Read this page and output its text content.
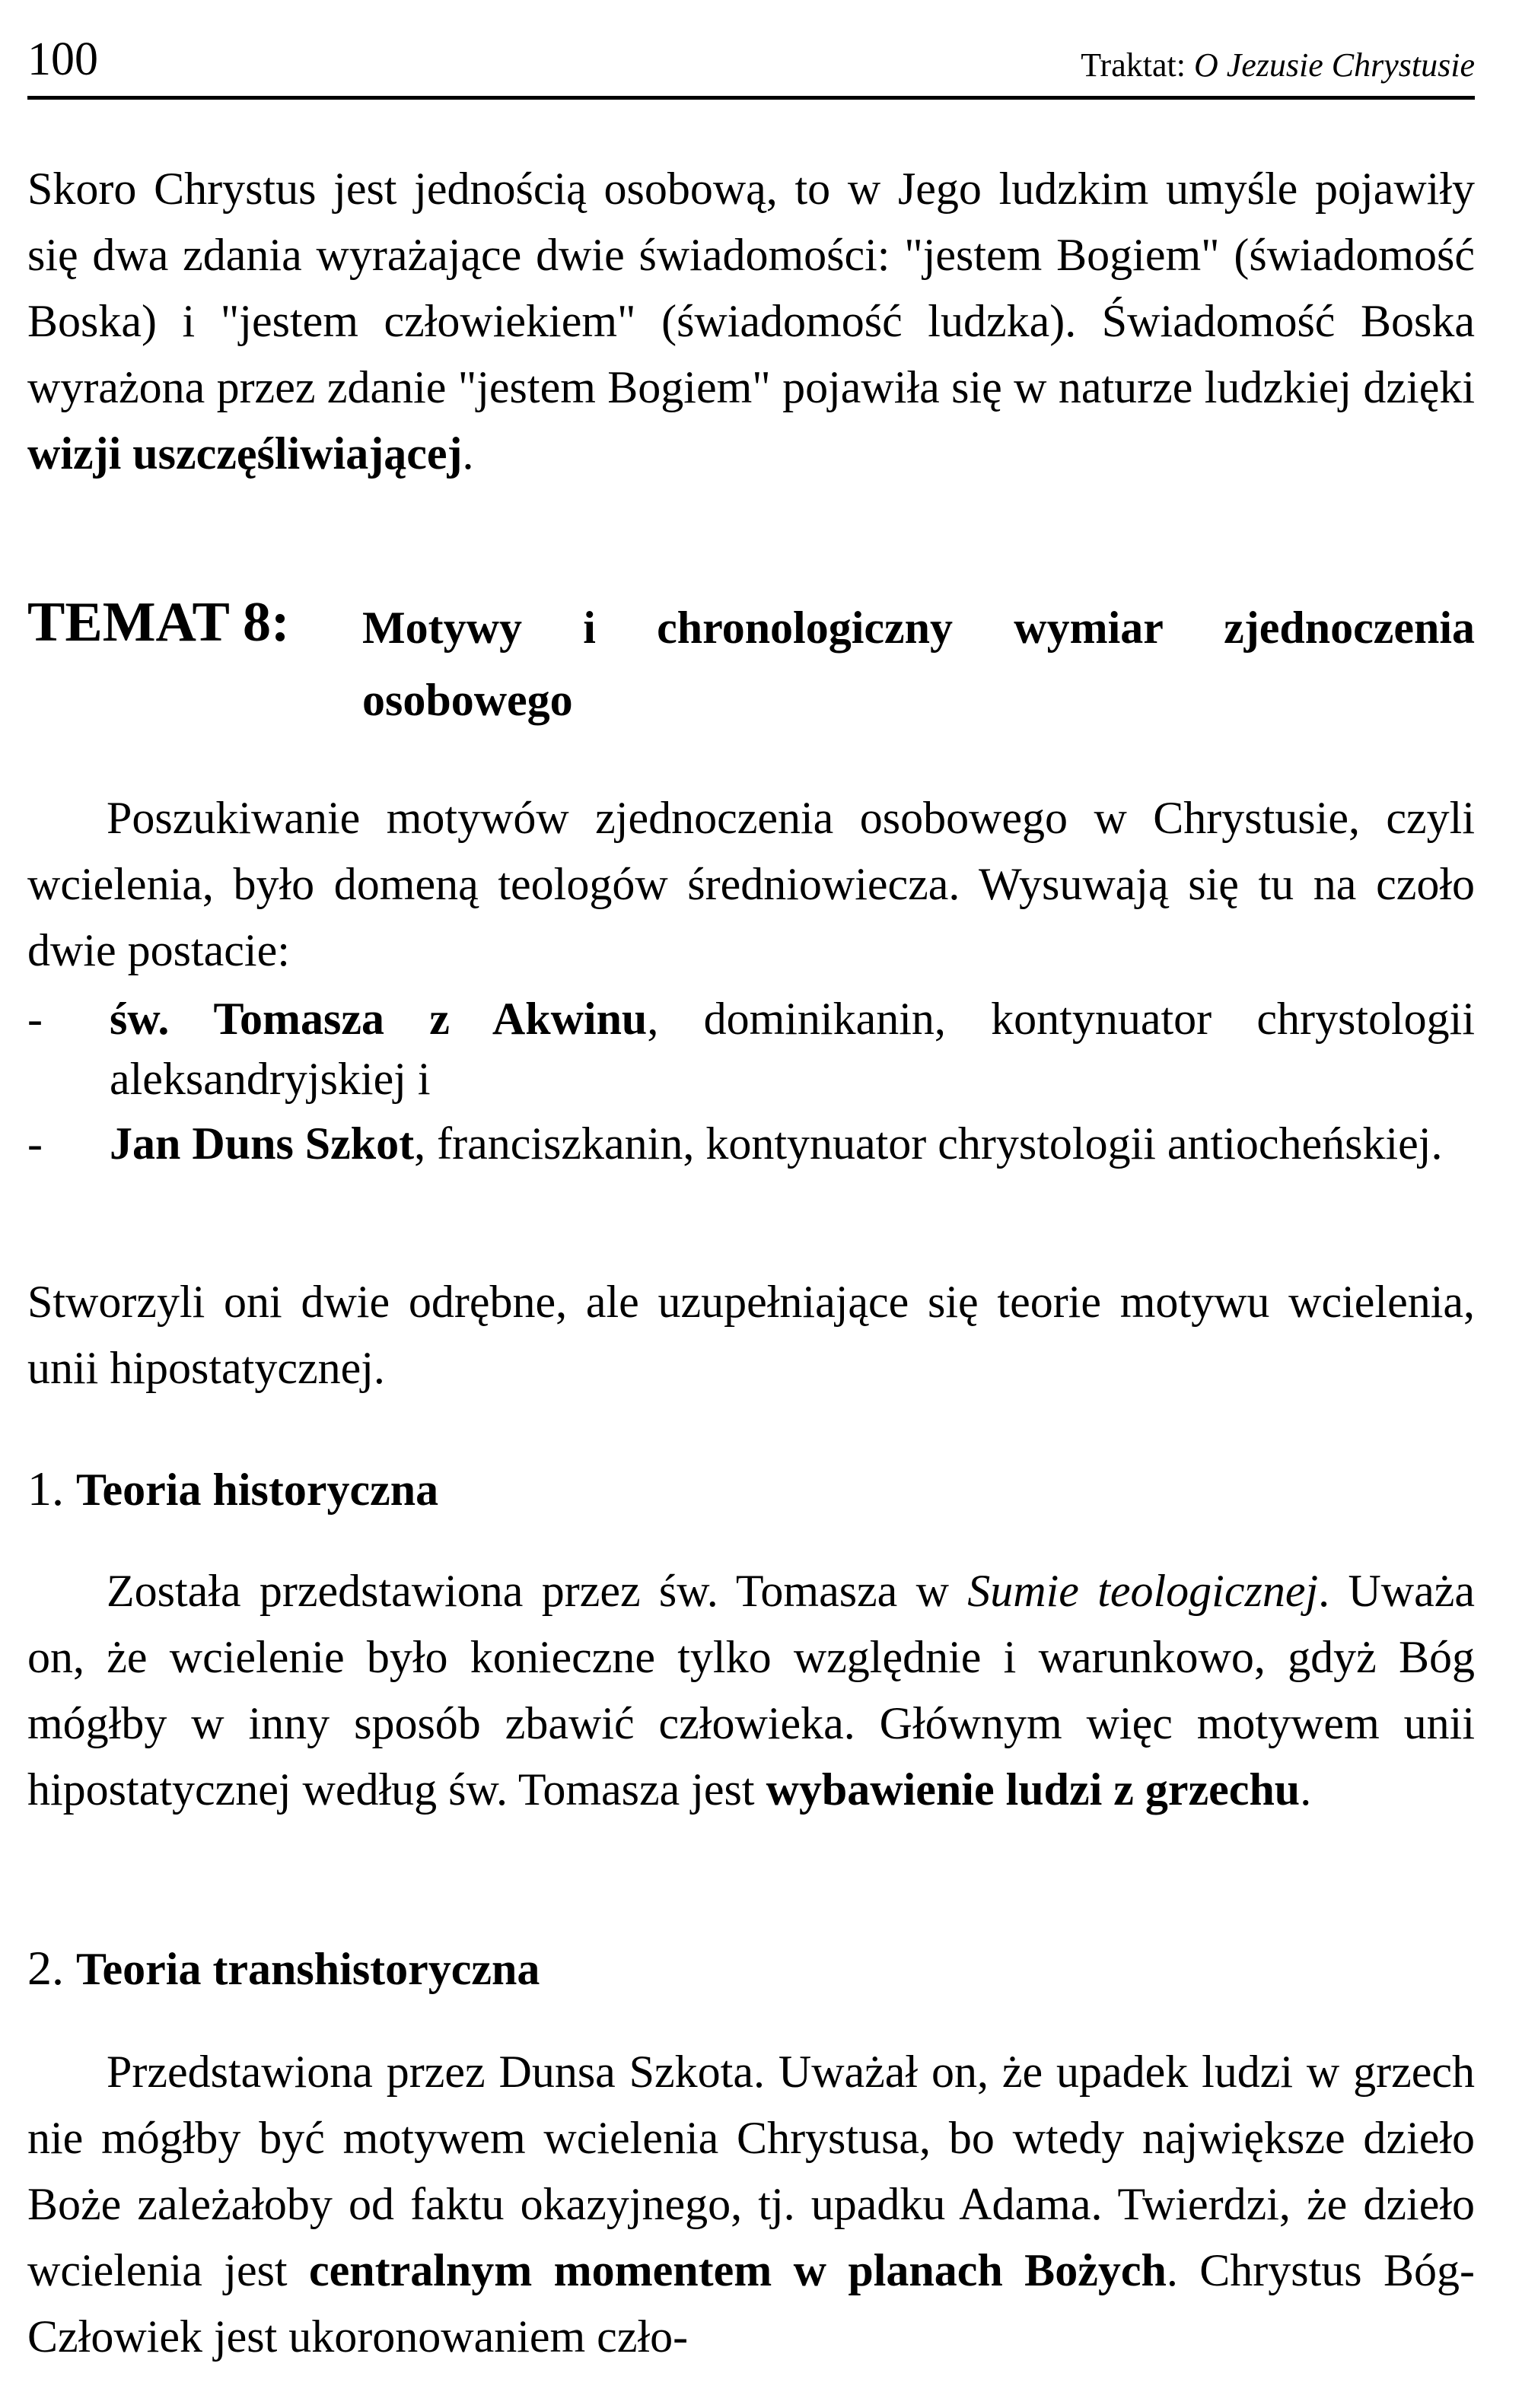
100	Traktat: O Jezusie Chrystusie

Skoro Chrystus jest jednością osobową, to w Jego ludzkim umyśle pojawiły się dwa zdania wyrażające dwie świadomości: "jestem Bogiem" (świadomość Boska) i "jestem człowiekiem" (świadomość ludzka). Świadomość Boska wyrażona przez zdanie "jestem Bogiem" pojawiła się w naturze ludzkiej dzięki wizji uszczęśliwiającej.

TEMAT 8: Motywy i chronologiczny wymiar zjednoczenia osobowego

Poszukiwanie motywów zjednoczenia osobowego w Chrystusie, czyli wcielenia, było domeną teologów średniowiecza. Wysuwają się tu na czoło dwie postacie:

- św. Tomasza z Akwinu, dominikanin, kontynuator chrystologii aleksandryjskiej i
- Jan Duns Szkot, franciszkanin, kontynuator chrystologii antiocheńskiej.

Stworzyli oni dwie odrębne, ale uzupełniające się teorie motywu wcielenia, unii hipostatycznej.

1. Teoria historyczna

Została przedstawiona przez św. Tomasza w Sumie teologicznej. Uważa on, że wcielenie było konieczne tylko względnie i warunkowo, gdyż Bóg mógłby w inny sposób zbawić człowieka. Głównym więc motywem unii hipostatycznej według św. Tomasza jest wybawienie ludzi z grzechu.

2. Teoria transhistoryczna

Przedstawiona przez Dunsa Szkota. Uważał on, że upadek ludzi w grzech nie mógłby być motywem wcielenia Chrystusa, bo wtedy największe dzieło Boże zależałoby od faktu okazyjnego, tj. upadku Adama. Twierdzi, że dzieło wcielenia jest centralnym momentem w planach Bożych. Chrystus Bóg-Człowiek jest ukoronowaniem czło-
